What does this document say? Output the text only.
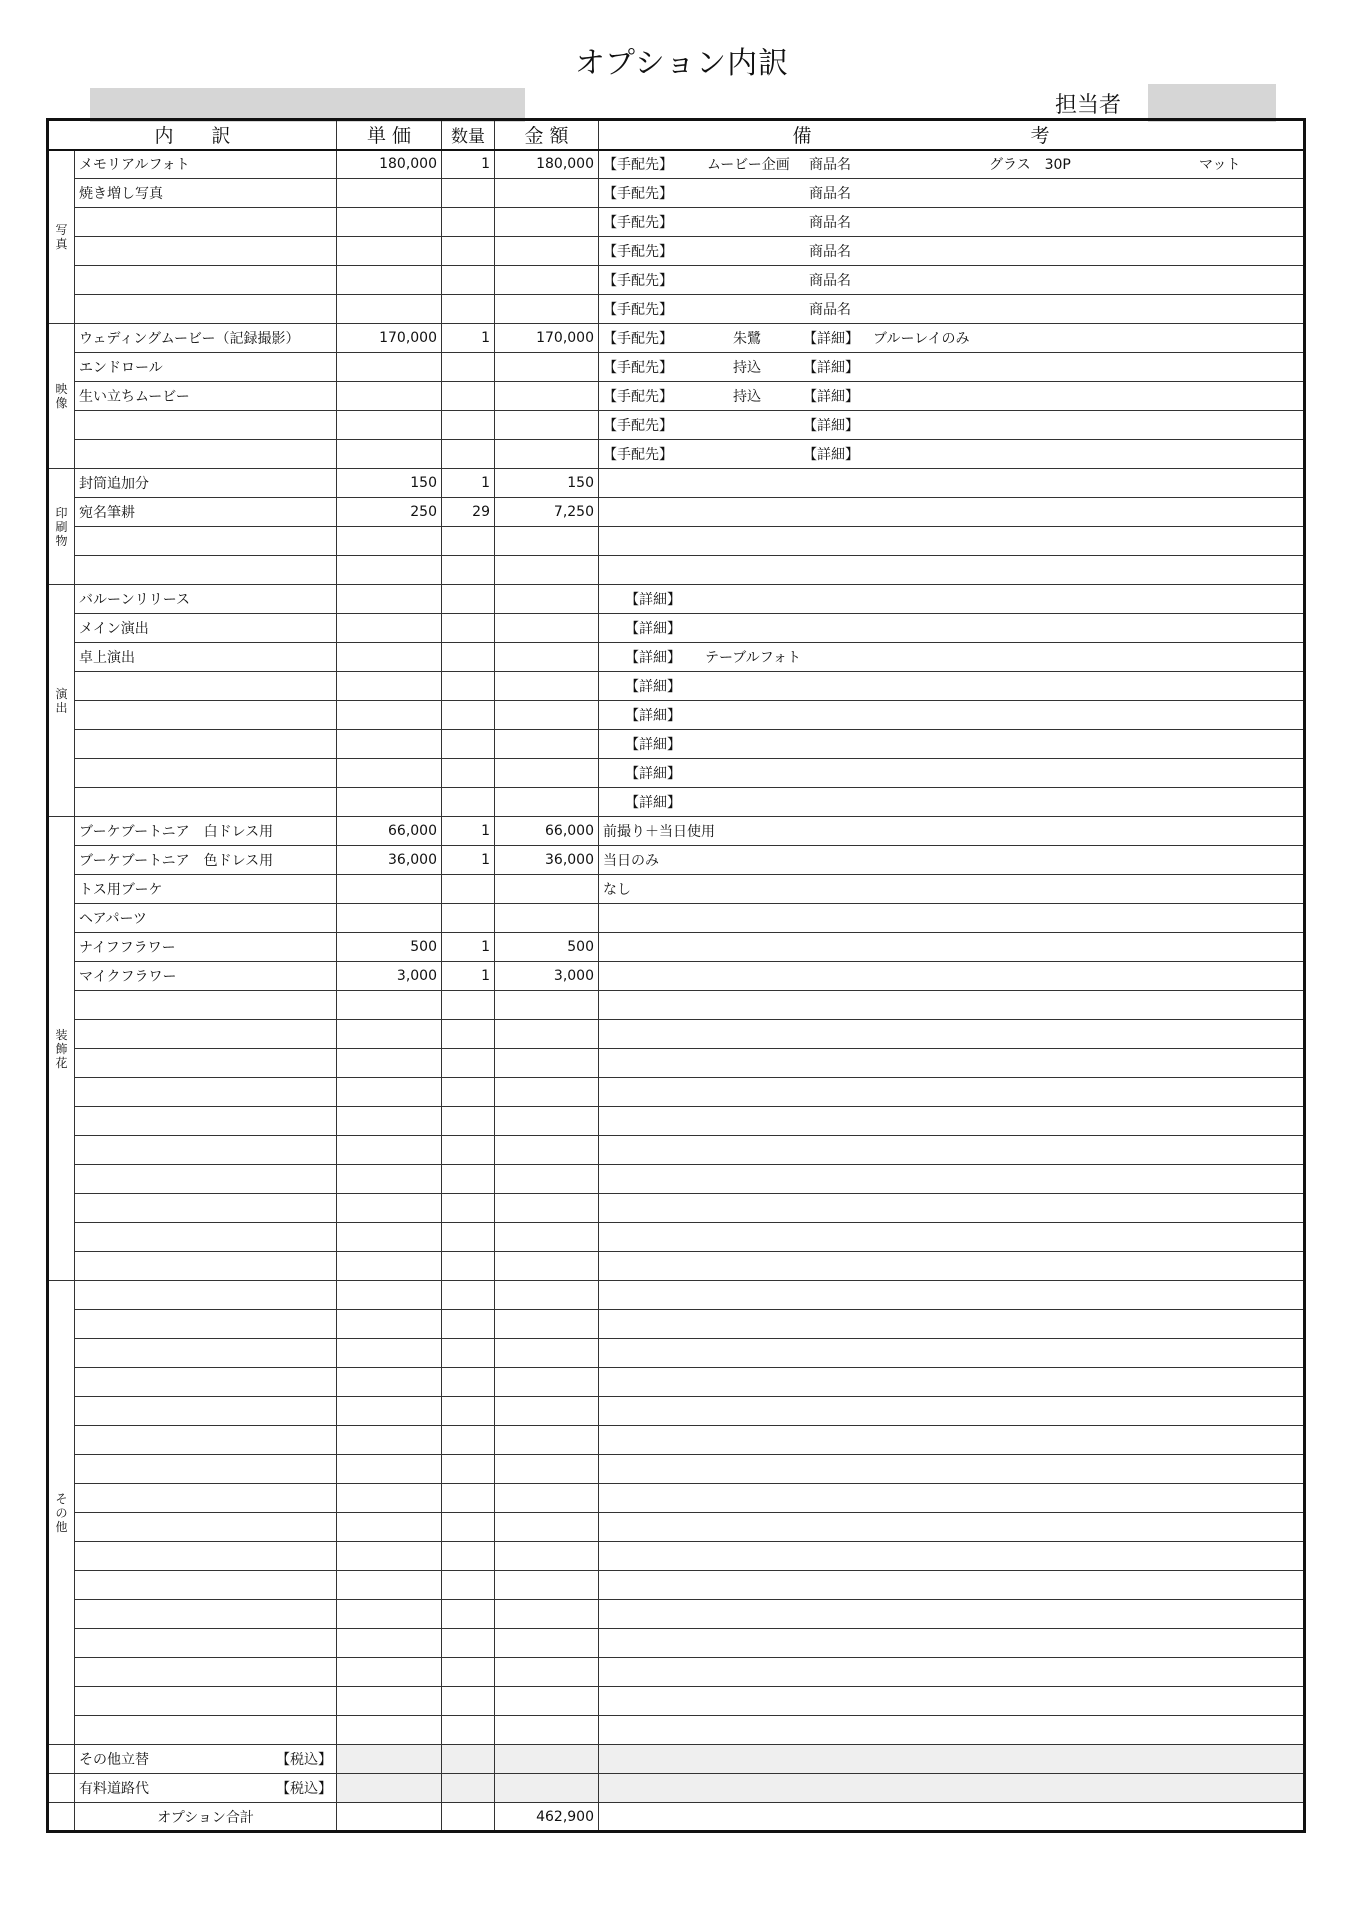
オプション内訳
担当者
内　　訳		単 価	数量	金 額	備 考

写真	メモリアルフォト	180,000	1	180,000	【手配先】 ムービー企画 商品名 グラス　30P マット

	焼き増し写真				【手配先】 商品名

					【手配先】 商品名

					【手配先】 商品名

					【手配先】 商品名

					【手配先】 商品名

映像	ウェディングムービー（記録撮影）	170,000	1	170,000	【手配先】 朱鷺 【詳細】 ブルーレイのみ

	エンドロール				【手配先】 持込 【詳細】

	生い立ちムービー				【手配先】 持込 【詳細】

					【手配先】 【詳細】

					【手配先】 【詳細】

印刷物	封筒追加分	150	1	150	

	宛名筆耕	250	29	7,250	

演出	バルーンリリース				【詳細】

	メイン演出				【詳細】

	卓上演出				【詳細】 テーブルフォト

					【詳細】

					【詳細】

					【詳細】

					【詳細】

					【詳細】

装飾花	ブーケブートニア　白ドレス用	66,000	1	66,000	前撮り＋当日使用

	ブーケブートニア　色ドレス用	36,000	1	36,000	当日のみ

	トス用ブーケ				なし

	ヘアパーツ				

	ナイフフラワー	500	1	500	

	マイクフラワー	3,000	1	3,000	

その他					

	その他立替 【税込】				

	有料道路代 【税込】				

	オプション合計			462,900	
